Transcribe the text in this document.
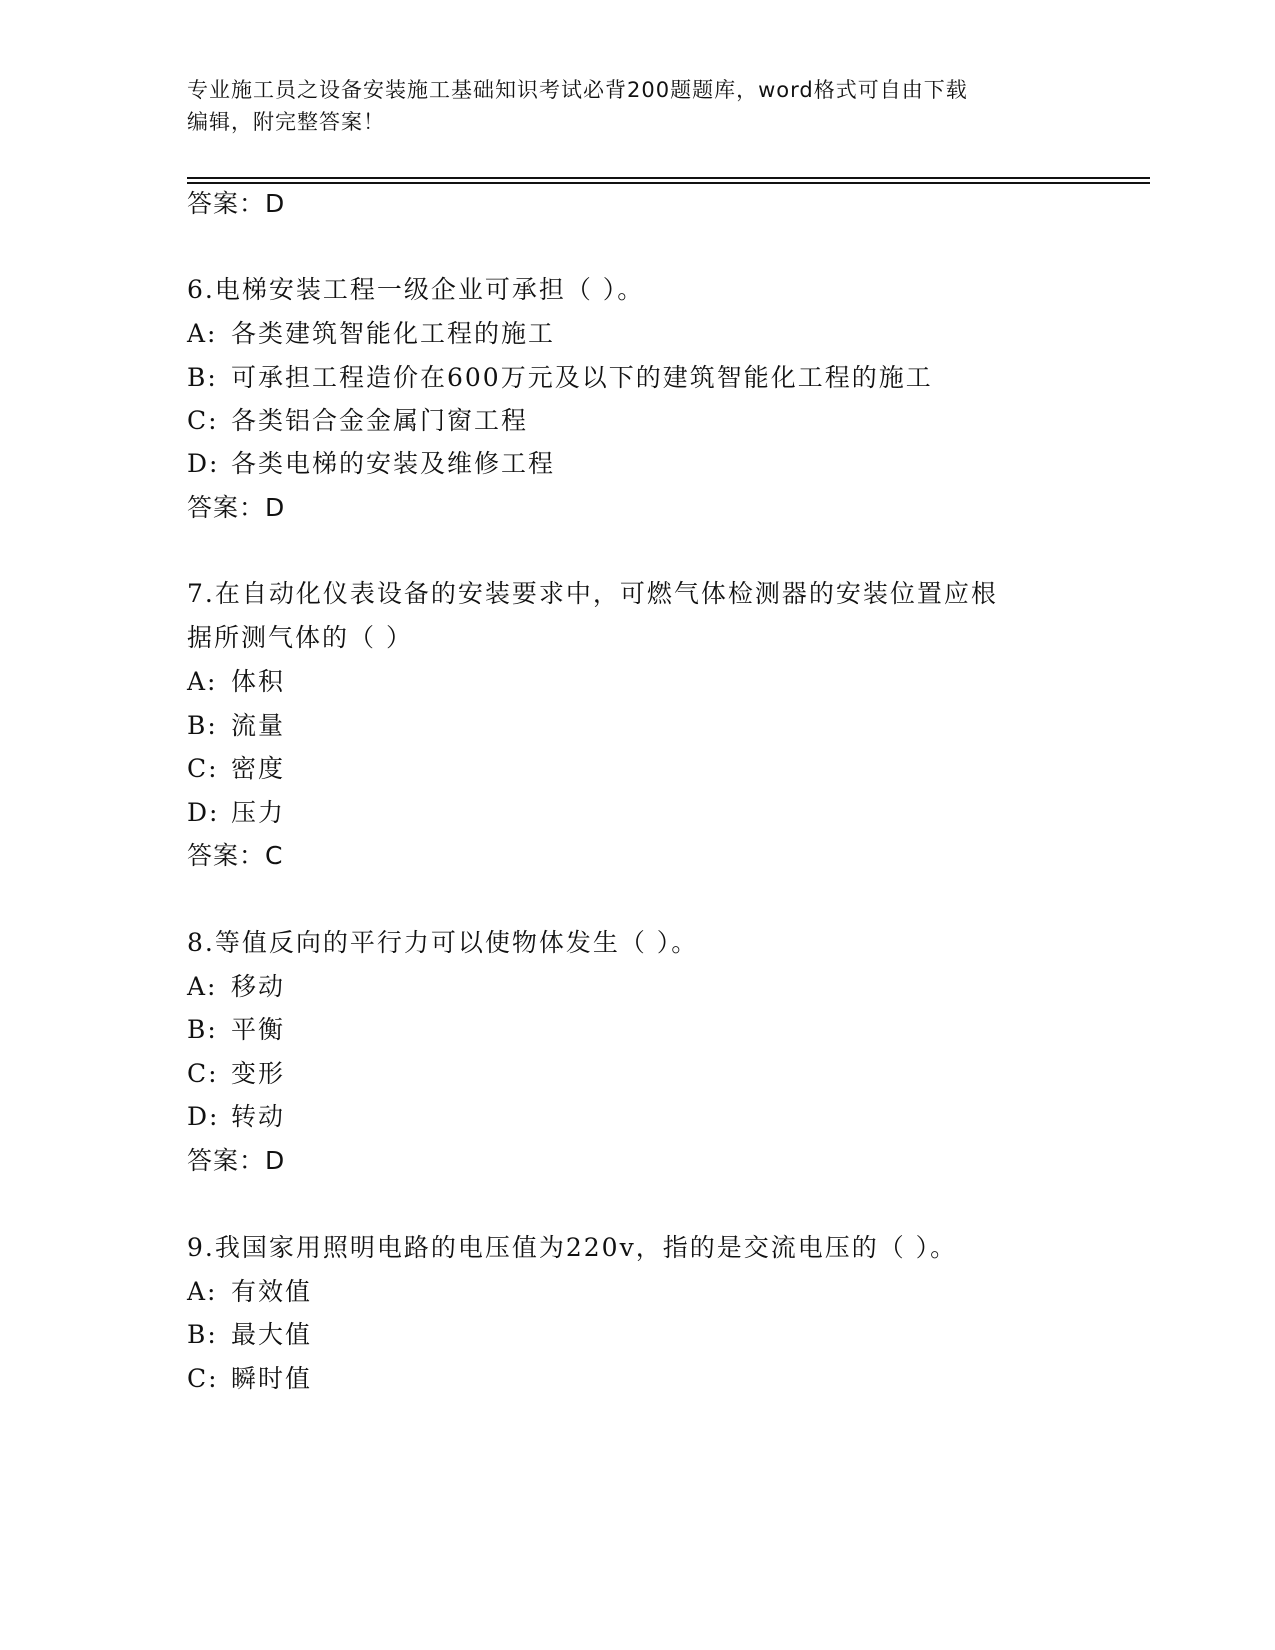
专业施工员之设备安装施工基础知识考试必背200题题库，word格式可自由下载
编辑，附完整答案！
答案：D
6.电梯安装工程一级企业可承担（ ）。
A: 各类建筑智能化工程的施工
B: 可承担工程造价在600万元及以下的建筑智能化工程的施工
C: 各类铝合金金属门窗工程
D: 各类电梯的安装及维修工程
答案：D
7.在自动化仪表设备的安装要求中，可燃气体检测器的安装位置应根
据所测气体的（ ）
A: 体积
B: 流量
C: 密度
D: 压力
答案：C
8.等值反向的平行力可以使物体发生（ ）。
A: 移动
B: 平衡
C: 变形
D: 转动
答案：D
9.我国家用照明电路的电压值为220v，指的是交流电压的（ ）。
A: 有效值
B: 最大值
C: 瞬时值
